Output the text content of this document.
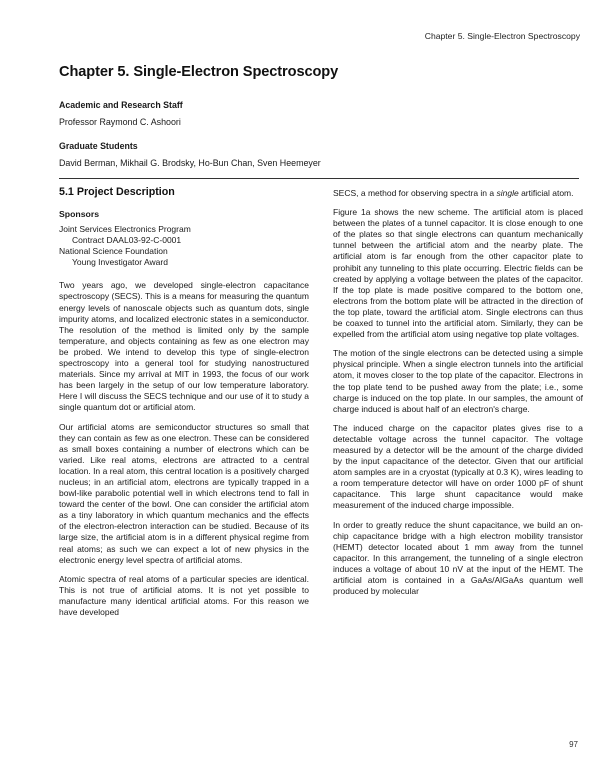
Chapter 5. Single-Electron Spectroscopy
Chapter 5. Single-Electron Spectroscopy
Academic and Research Staff

Professor Raymond C. Ashoori

Graduate Students

David Berman, Mikhail G. Brodsky, Ho-Bun Chan, Sven Heemeyer

5.1 Project Description
Sponsors

Joint Services Electronics Program

Contract DAAL03-92-C-0001

National Science Foundation

Young Investigator Award

Two years ago, we developed single-electron capacitance spectroscopy (SECS). This is a means for measuring the quantum energy levels of nanoscale objects such as quantum dots, single impurity atoms, and localized electronic states in a semiconductor. The resolution of the method is limited only by the sample temperature, and objects containing as few as one electron may be probed. We intend to develop this type of single-electron spectroscopy into a general tool for studying nanostructured materials. Since my arrival at MIT in 1993, the focus of our work has been largely in the setup of our low temperature laboratory. Here I will discuss the SECS technique and our use of it to study a single quantum dot or artificial atom.

Our artificial atoms are semiconductor structures so small that they can contain as few as one electron. These can be considered as small boxes containing a number of electrons which can be varied. Like real atoms, electrons are attracted to a central location. In a real atom, this central location is a positively charged nucleus; in an artificial atom, electrons are typically trapped in a bowl-like parabolic potential well in which electrons tend to fall in toward the center of the bowl. One can consider the artificial atom as a tiny laboratory in which quantum mechanics and the effects of the electron-electron interaction can be studied. Because of its large size, the artificial atom is in a different physical regime from real atoms; as such we can expect a lot of new physics in the electronic energy level spectra of artificial atoms.

Atomic spectra of real atoms of a particular species are identical. This is not true of artificial atoms. It is not yet possible to manufacture many identical artificial atoms. For this reason we have developed

SECS, a method for observing spectra in a single artificial atom.

Figure 1a shows the new scheme. The artificial atom is placed between the plates of a tunnel capacitor. It is close enough to one of the plates so that single electrons can quantum mechanically tunnel between the artificial atom and the nearby plate. The artificial atom is far enough from the other capacitor plate to prohibit any tunneling to this plate occurring. Electric fields can be created by applying a voltage between the plates of the capacitor. If the top plate is made positive compared to the bottom one, electrons from the bottom plate will be attracted in the direction of the top plate, toward the artificial atom. Single electrons can thus be coaxed to tunnel into the artificial atom. Similarly, they can be expelled from the artificial atom using negative top plate voltages.

The motion of the single electrons can be detected using a simple physical principle. When a single electron tunnels into the artificial atom, it moves closer to the top plate of the capacitor. Electrons in the top plate tend to be pushed away from the plate; i.e., some charge is induced on the top plate. In our samples, the amount of charge induced is about half of an electron's charge.

The induced charge on the capacitor plates gives rise to a detectable voltage across the tunnel capacitor. The voltage measured by a detector will be the amount of the charge divided by the input capacitance of the detector. Given that our artificial atom samples are in a cryostat (typically at 0.3 K), wires leading to a room temperature detector will have on order 1000 pF of shunt capacitance. This large shunt capacitance would make measurement of the induced charge impossible.

In order to greatly reduce the shunt capacitance, we build an on-chip capacitance bridge with a high electron mobility transistor (HEMT) detector located about 1 mm away from the tunnel capacitor. In this arrangement, the tunneling of a single electron induces a voltage of about 10 nV at the input of the HEMT. The artificial atom is contained in a GaAs/AlGaAs quantum well produced by molecular

97
